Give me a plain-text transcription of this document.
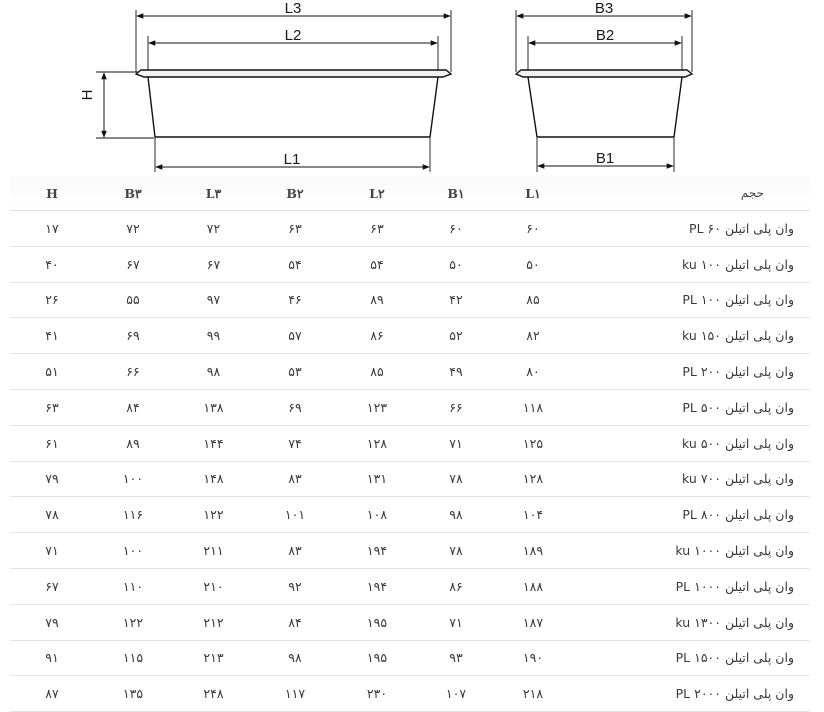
L3
L2
L1
H
B3
B2
B1
H	B٣	L٣	B٢	L٢	B١	L١	حجم
۱۷	۷۲	۷۲	۶۳	۶۳	۶۰	۶۰	وان پلی اتیلن ۶۰ PL
۴۰	۶۷	۶۷	۵۴	۵۴	۵۰	۵۰	وان پلی اتیلن ۱۰۰ ku
۲۶	۵۵	۹۷	۴۶	۸۹	۴۲	۸۵	وان پلی اتیلن ۱۰۰ PL
۴۱	۶۹	۹۹	۵۷	۸۶	۵۲	۸۲	وان پلی اتیلن ۱۵۰ ku
۵۱	۶۶	۹۸	۵۳	۸۵	۴۹	۸۰	وان پلی اتیلن ۲۰۰ PL
۶۳	۸۴	۱۳۸	۶۹	۱۲۳	۶۶	۱۱۸	وان پلی اتیلن ۵۰۰ PL
۶۱	۸۹	۱۴۴	۷۴	۱۲۸	۷۱	۱۲۵	وان پلی اتیلن ۵۰۰ ku
۷۹	۱۰۰	۱۴۸	۸۳	۱۳۱	۷۸	۱۲۸	وان پلی اتیلن ۷۰۰ ku
۷۸	۱۱۶	۱۲۲	۱۰۱	۱۰۸	۹۸	۱۰۴	وان پلی اتیلن ۸۰۰ PL
۷۱	۱۰۰	۲۱۱	۸۳	۱۹۴	۷۸	۱۸۹	وان پلی اتیلن ۱۰۰۰ ku
۶۷	۱۱۰	۲۱۰	۹۲	۱۹۴	۸۶	۱۸۸	وان پلی اتیلن ۱۰۰۰ PL
۷۹	۱۲۲	۲۱۲	۸۴	۱۹۵	۷۱	۱۸۷	وان پلی اتیلن ۱۳۰۰ ku
۹۱	۱۱۵	۲۱۳	۹۸	۱۹۵	۹۳	۱۹۰	وان پلی اتیلن ۱۵۰۰ PL
۸۷	۱۳۵	۲۴۸	۱۱۷	۲۳۰	۱۰۷	۲۱۸	وان پلی اتیلن ۲۰۰۰ PL
